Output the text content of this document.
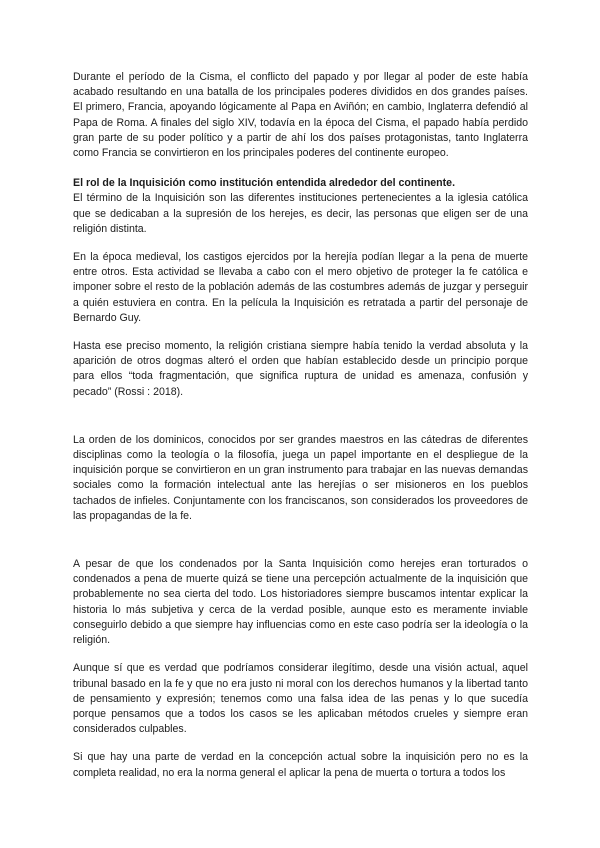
Durante el período de la Cisma, el conflicto del papado y por llegar al poder de este había acabado resultando en una batalla de los principales poderes divididos en dos grandes países. El primero, Francia, apoyando lógicamente al Papa en Aviñón; en cambio, Inglaterra defendió al Papa de Roma. A finales del siglo XIV, todavía en la época del Cisma, el papado había perdido gran parte de su poder político y a partir de ahí los dos países protagonistas, tanto Inglaterra como Francia se convirtieron en los principales poderes del continente europeo.

El rol de la Inquisición como institución entendida alrededor del continente.

El término de la Inquisición son las diferentes instituciones pertenecientes a la iglesia católica que se dedicaban a la supresión de los herejes, es decir, las personas que eligen ser de una religión distinta.

En la época medieval, los castigos ejercidos por la herejía podían llegar a la pena de muerte entre otros. Esta actividad se llevaba a cabo con el mero objetivo de proteger la fe católica e imponer sobre el resto de la población además de las costumbres además de juzgar y perseguir a quién estuviera en contra. En la película la Inquisición es retratada a partir del personaje de Bernardo Guy.

Hasta ese preciso momento, la religión cristiana siempre había tenido la verdad absoluta y la aparición de otros dogmas alteró el orden que habían establecido desde un principio porque para ellos “toda fragmentación, que significa ruptura de unidad es amenaza, confusión y pecado” (Rossi : 2018).

La orden de los dominicos, conocidos por ser grandes maestros en las cátedras de diferentes disciplinas como la teología o la filosofía, juega un papel importante en el despliegue de la inquisición porque se convirtieron en un gran instrumento para trabajar en las nuevas demandas sociales como la formación intelectual ante las herejías o ser misioneros en los pueblos tachados de infieles. Conjuntamente con los franciscanos, son considerados los proveedores de las propagandas de la fe.

A pesar de que los condenados por la Santa Inquisición como herejes eran torturados o condenados a pena de muerte quizá se tiene una percepción actualmente de la inquisición que probablemente no sea cierta del todo. Los historiadores siempre buscamos intentar explicar la historia lo más subjetiva y cerca de la verdad posible, aunque esto es meramente inviable conseguirlo debido a que siempre hay influencias como en este caso podría ser la ideología o la religión.

Aunque sí que es verdad que podríamos considerar ilegítimo, desde una visión actual, aquel tribunal basado en la fe y que no era justo ni moral con los derechos humanos y la libertad tanto de pensamiento y expresión; tenemos como una falsa idea de las penas y lo que sucedía porque pensamos que a todos los casos se les aplicaban métodos crueles y siempre eran considerados culpables.

Si que hay una parte de verdad en la concepción actual sobre la inquisición pero no es la completa realidad, no era la norma general el aplicar la pena de muerta o tortura a todos los
